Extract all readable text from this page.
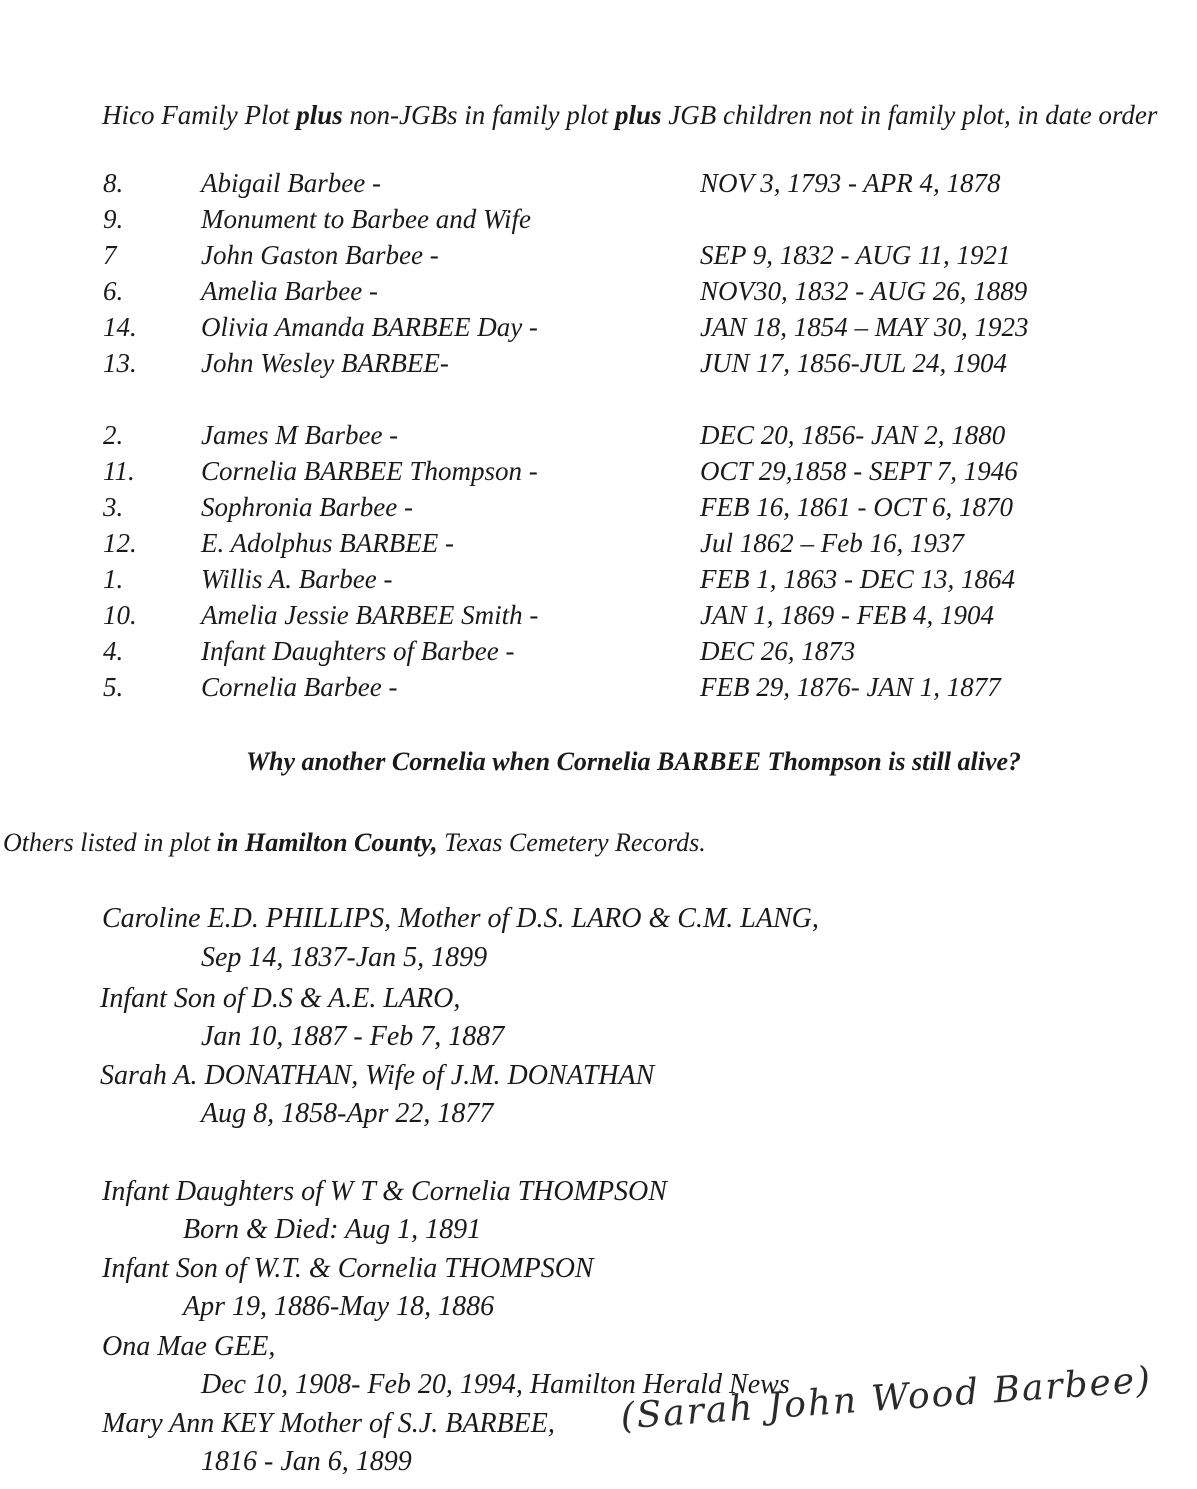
Hico Family Plot plus non-JGBs in family plot plus JGB children not in family plot, in date order
8.	Abigail Barbee -	NOV 3, 1793 - APR 4, 1878
9.	Monument to Barbee and Wife
7	John Gaston Barbee -	SEP 9, 1832 - AUG 11, 1921
6.	Amelia Barbee -	NOV30, 1832 - AUG 26, 1889
14. Olivia Amanda BARBEE Day -	JAN 18, 1854 – MAY 30, 1923
13. John Wesley BARBEE-	JUN 17, 1856-JUL 24, 1904
2.	James M Barbee -	DEC 20, 1856- JAN 2, 1880
11. Cornelia BARBEE Thompson -	OCT 29,1858 - SEPT 7, 1946
3.	Sophronia Barbee -	FEB 16, 1861 - OCT 6, 1870
12. E. Adolphus BARBEE -	Jul 1862 – Feb 16, 1937
1.	Willis A. Barbee -	FEB 1, 1863 - DEC 13, 1864
10. Amelia Jessie BARBEE Smith -	JAN 1, 1869 - FEB 4, 1904
4.	Infant Daughters of Barbee -	DEC 26, 1873
5.	Cornelia Barbee -	FEB 29, 1876- JAN 1, 1877
Why another Cornelia when Cornelia BARBEE Thompson is still alive?
Others listed in plot in Hamilton County, Texas Cemetery Records.
Caroline E.D. PHILLIPS, Mother of D.S. LARO & C.M. LANG,
Sep 14, 1837-Jan 5, 1899
Infant Son of D.S & A.E. LARO,
Jan 10, 1887 - Feb 7, 1887
Sarah A. DONATHAN, Wife of J.M. DONATHAN
Aug 8, 1858-Apr 22, 1877
Infant Daughters of W T & Cornelia THOMPSON
Born & Died: Aug 1, 1891
Infant Son of W.T. & Cornelia THOMPSON
Apr 19, 1886-May 18, 1886
Ona Mae GEE,
Dec 10, 1908- Feb 20, 1994, Hamilton Herald News
Mary Ann KEY Mother of S.J. BARBEE,
1816 - Jan 6, 1899
(Sarah John Wood Barbee)
